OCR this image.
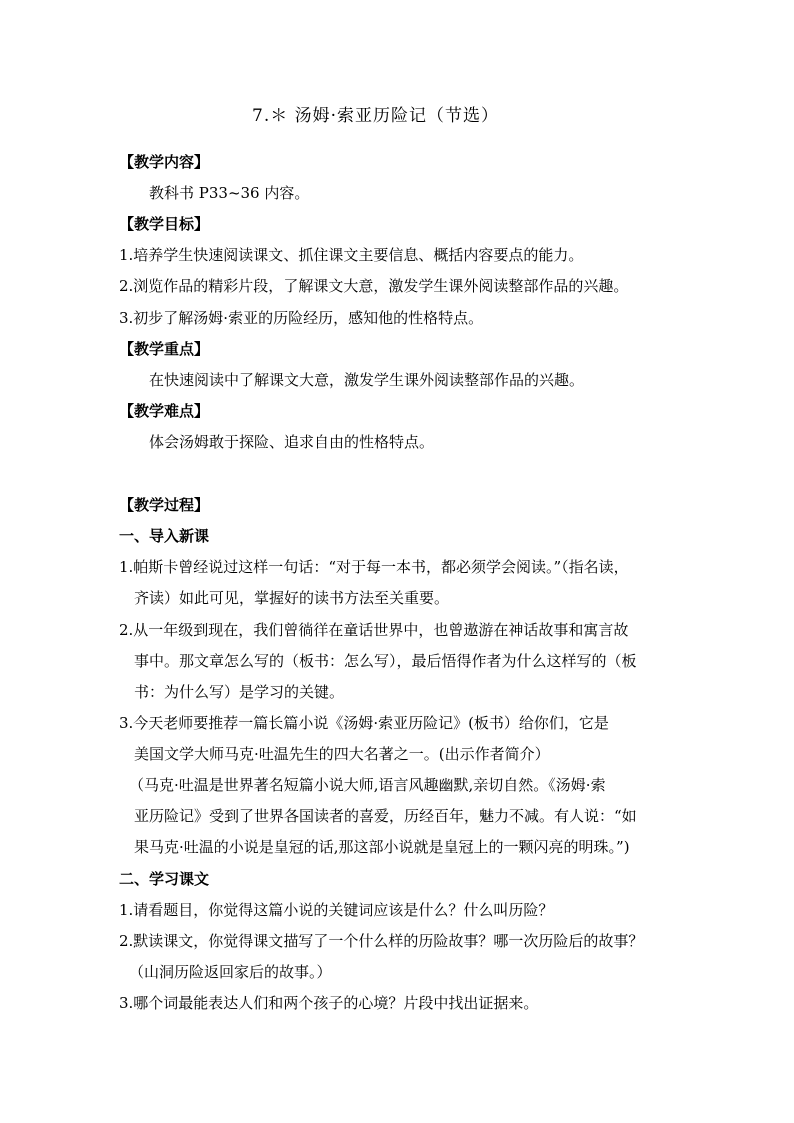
7.＊ 汤姆·索亚历险记（节选）
【教学内容】
教科书 P33~36 内容。
【教学目标】
1.培养学生快速阅读课文、抓住课文主要信息、概括内容要点的能力。
2.浏览作品的精彩片段，了解课文大意，激发学生课外阅读整部作品的兴趣。
3.初步了解汤姆·索亚的历险经历，感知他的性格特点。
【教学重点】
在快速阅读中了解课文大意，激发学生课外阅读整部作品的兴趣。
【教学难点】
体会汤姆敢于探险、追求自由的性格特点。
【教学过程】
一、导入新课
1.帕斯卡曾经说过这样一句话：“对于每一本书，都必须学会阅读。”（指名读，
齐读）如此可见，掌握好的读书方法至关重要。
2.从一年级到现在，我们曾徜徉在童话世界中，也曾遨游在神话故事和寓言故
事中。那文章怎么写的（板书：怎么写），最后悟得作者为什么这样写的（板
书：为什么写）是学习的关键。
3.今天老师要推荐一篇长篇小说《汤姆·索亚历险记》(板书）给你们，它是
美国文学大师马克·吐温先生的四大名著之一。(出示作者简介）
（马克·吐温是世界著名短篇小说大师,语言风趣幽默,亲切自然。《汤姆·索
亚历险记》受到了世界各国读者的喜爱，历经百年，魅力不减。有人说：“如
果马克·吐温的小说是皇冠的话,那这部小说就是皇冠上的一颗闪亮的明珠。”)
二、学习课文
1.请看题目，你觉得这篇小说的关键词应该是什么？什么叫历险？
2.默读课文，你觉得课文描写了一个什么样的历险故事？哪一次历险后的故事？
（山洞历险返回家后的故事。）
3.哪个词最能表达人们和两个孩子的心境？片段中找出证据来。
